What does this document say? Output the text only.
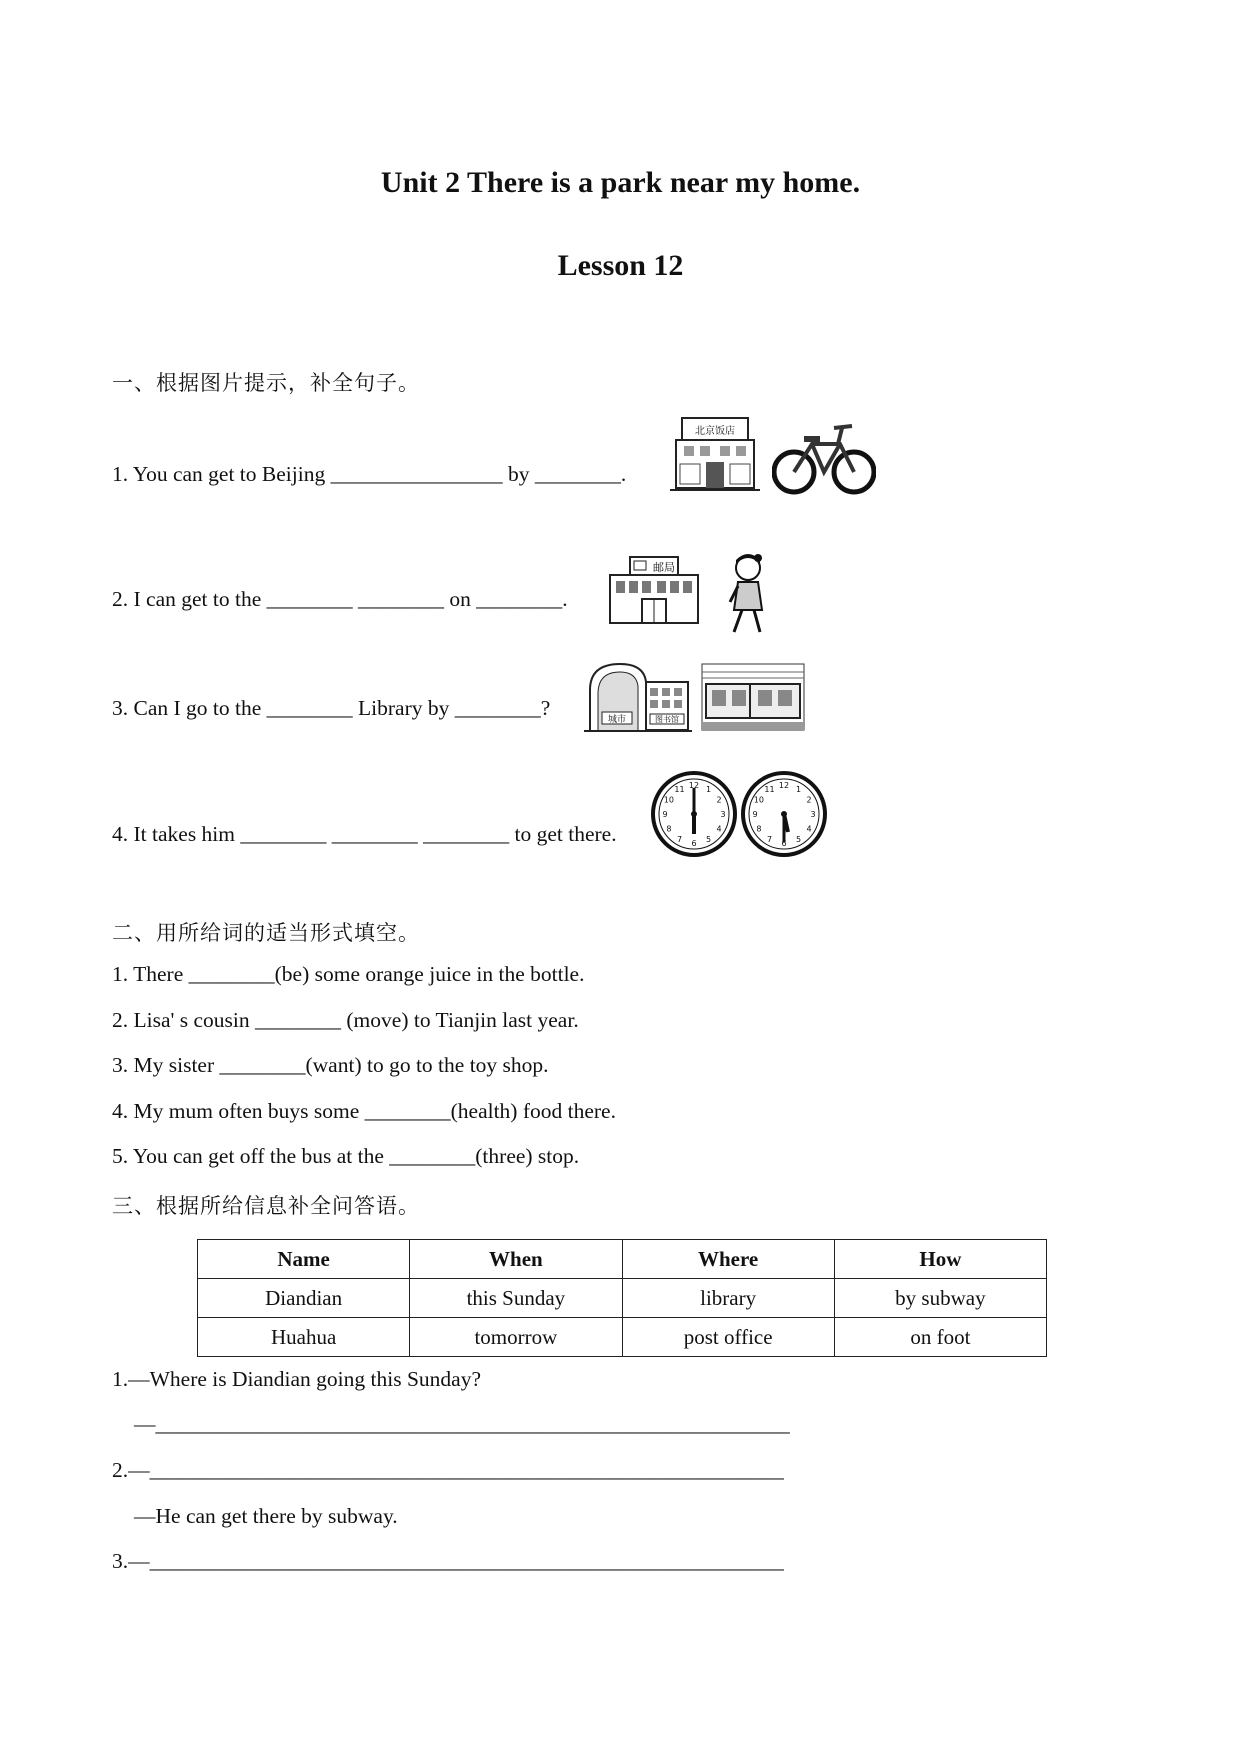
Unit 2 There is a park near my home.
Lesson 12
一、根据图片提示，补全句子。
1. You can get to Beijing ________________ by ________.
北京饭店
2. I can get to the ________ ________ on ________.
邮局
3. Can I go to the ________ Library by ________?	城市	图书馆
4. It takes him ________ ________ ________ to get there.
12 1
2
3
4
5
6
7
8
9
10
11	12 1
2
3
4
5
6
7
8
9
10
11
二、用所给词的适当形式填空。
1. There ________(be) some orange juice in the bottle.
2. Lisa' s cousin ________ (move) to Tianjin last year.
3. My sister ________(want) to go to the toy shop.
4. My mum often buys some ________(health) food there.
5. You can get off the bus at the ________(three) stop.
三、根据所给信息补全问答语。
Name	When	Where	How
Diandian	this Sunday	library	by subway
Huahua	tomorrow	post office	on foot
1.—Where is Diandian going this Sunday?
—___________________________________________________________
2.—___________________________________________________________
—He can get there by subway.
3.—___________________________________________________________
